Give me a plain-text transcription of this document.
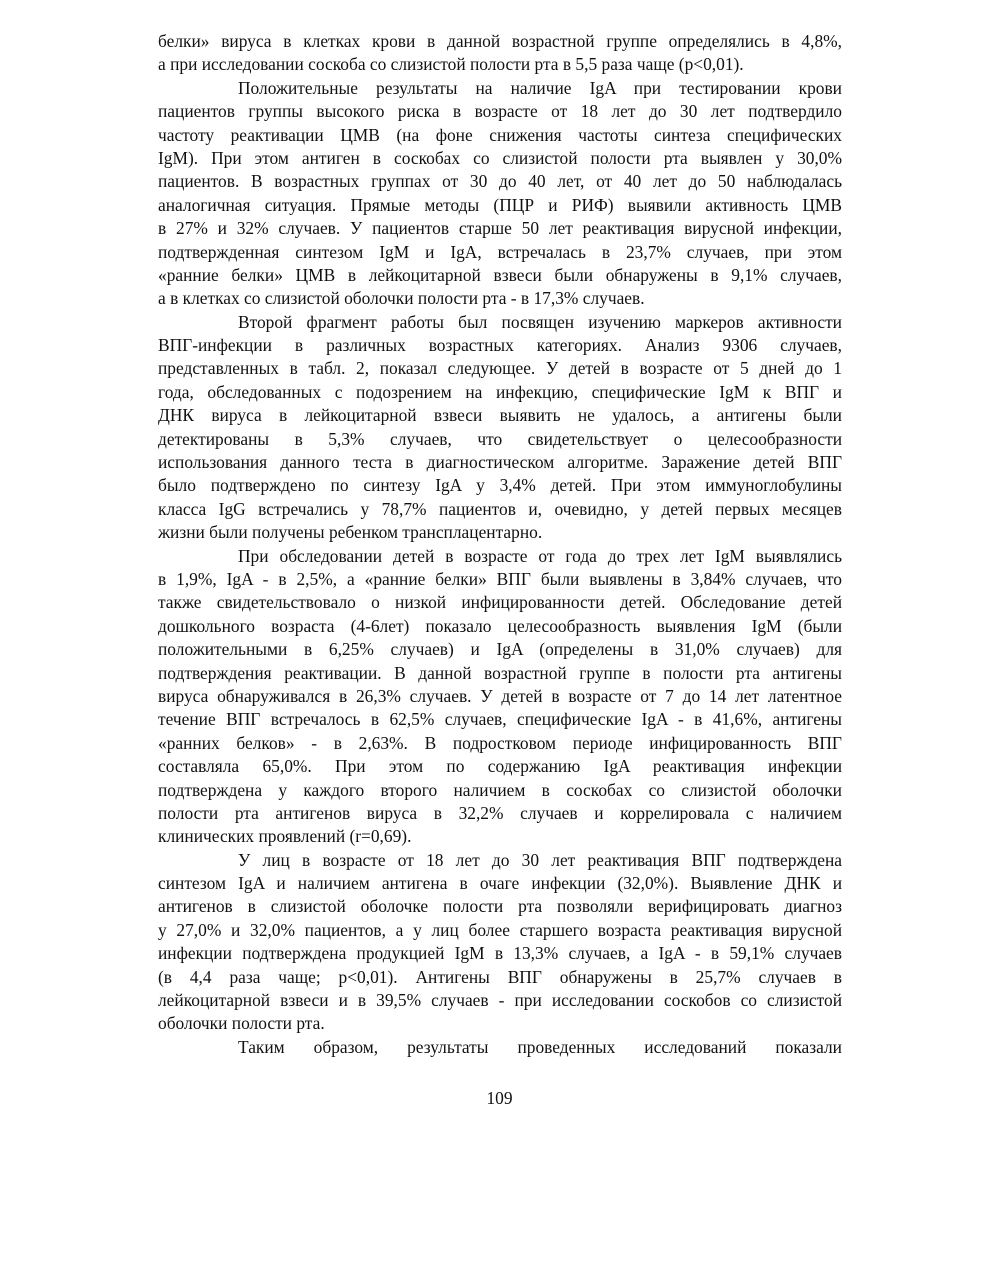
белки» вируса в клетках крови в данной возрастной группе определялись в 4,8%,
а при исследовании соскоба со слизистой полости рта в 5,5 раза чаще (р<0,01).
Положительные результаты на наличие IgA при тестировании крови
пациентов группы высокого риска в возрасте от 18 лет до 30 лет подтвердило
частоту реактивации ЦМВ (на фоне снижения частоты синтеза специфических
IgM). При этом антиген в соскобах со слизистой полости рта выявлен у 30,0%
пациентов. В возрастных группах от 30 до 40 лет, от 40 лет до 50 наблюдалась
аналогичная ситуация. Прямые методы (ПЦР и РИФ) выявили активность ЦМВ
в 27% и 32% случаев. У пациентов старше 50 лет реактивация вирусной инфекции,
подтвержденная синтезом IgM и IgA, встречалась в 23,7% случаев, при этом
«ранние белки» ЦМВ в лейкоцитарной взвеси были обнаружены в 9,1% случаев,
а в клетках со слизистой оболочки полости рта - в 17,3% случаев.
Второй фрагмент работы был посвящен изучению маркеров активности
ВПГ-инфекции в различных возрастных категориях. Анализ 9306 случаев,
представленных в табл. 2, показал следующее. У детей в возрасте от 5 дней до 1
года, обследованных с подозрением на инфекцию, специфические IgM к ВПГ и
ДНК вируса в лейкоцитарной взвеси выявить не удалось, а антигены были
детектированы в 5,3% случаев, что свидетельствует о целесообразности
использования данного теста в диагностическом алгоритме. Заражение детей ВПГ
было подтверждено по синтезу IgA у 3,4% детей. При этом иммуноглобулины
класса IgG встречались у 78,7% пациентов и, очевидно, у детей первых месяцев
жизни были получены ребенком трансплацентарно.
При обследовании детей в возрасте от года до трех лет IgM выявлялись
в 1,9%, IgA - в 2,5%, а «ранние белки» ВПГ были выявлены в 3,84% случаев, что
также свидетельствовало о низкой инфицированности детей. Обследование детей
дошкольного возраста (4-6лет) показало целесообразность выявления IgM (были
положительными в 6,25% случаев) и IgA (определены в 31,0% случаев) для
подтверждения реактивации. В данной возрастной группе в полости рта антигены
вируса обнаруживался в 26,3% случаев. У детей в возрасте от 7 до 14 лет латентное
течение ВПГ встречалось в 62,5% случаев, специфические IgA - в 41,6%, антигены
«ранних белков» - в 2,63%. В подростковом периоде инфицированность ВПГ
составляла 65,0%. При этом по содержанию IgA реактивация инфекции
подтверждена у каждого второго наличием в соскобах со слизистой оболочки
полости рта антигенов вируса в 32,2% случаев и коррелировала с наличием
клинических проявлений (r=0,69).
У лиц в возрасте от 18 лет до 30 лет реактивация ВПГ подтверждена
синтезом IgA и наличием антигена в очаге инфекции (32,0%). Выявление ДНК и
антигенов в слизистой оболочке полости рта позволяли верифицировать диагноз
у 27,0% и 32,0% пациентов, а у лиц более старшего возраста реактивация вирусной
инфекции подтверждена продукцией IgM в 13,3% случаев, а IgA - в 59,1% случаев
(в 4,4 раза чаще; р<0,01). Антигены ВПГ обнаружены в 25,7% случаев в
лейкоцитарной взвеси и в 39,5% случаев - при исследовании соскобов со слизистой
оболочки полости рта.
Таким образом, результаты проведенных исследований показали
109
